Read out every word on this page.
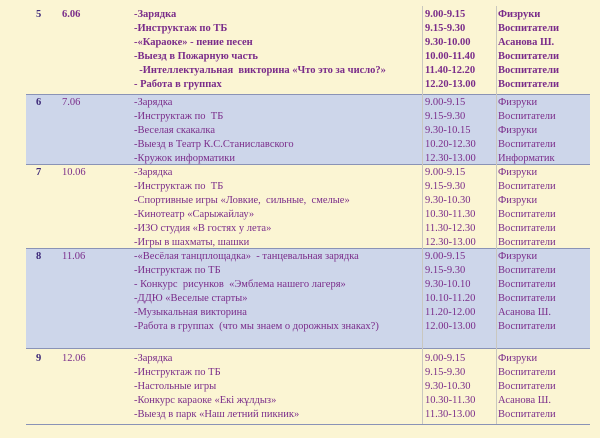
9	12.06	-Зарядка	9.00-9.15	Физруки
-Инструктаж по ТБ	9.15-9.30	Воспитатели
-Настольные игры	9.30-10.30	Воспитатели
-Конкурс караоке «Екі жұлдыз»	10.30-11.30	Асанова Ш.
-Выезд в парк «Наш летний пикник»	11.30-13.00	Воспитатели
8	11.06	-«Весёлая танцплощадка»  - танцевальная зарядка	9.00-9.15	Физруки
-Инструктаж по ТБ	9.15-9.30	Воспитатели
- Конкурс  рисунков  «Эмблема нашего лагеря»	9.30-10.10	Воспитатели
-ДДЮ «Веселые старты»	10.10-11.20	Воспитатели
-Музыкальная викторина	11.20-12.00	Асанова Ш.
-Работа в группах  (что мы знаем о дорожных знаках?)	12.00-13.00	Воспитатели
7	10.06	-Зарядка	9.00-9.15	Физруки
-Инструктаж по  ТБ	9.15-9.30	Воспитатели
-Спортивные игры «Ловкие,  сильные,  смелые»	9.30-10.30	Физруки
-Кинотеатр «Сарыжайлау»	10.30-11.30	Воспитатели
-ИЗО студия «В гостях у лета»	11.30-12.30	Воспитатели
-Игры в шахматы, шашки	12.30-13.00	Воспитатели
6	7.06	-Зарядка	9.00-9.15	Физруки
-Инструктаж по  ТБ	9.15-9.30	Воспитатели
-Веселая скакалка	9.30-10.15	Физруки
-Выезд в Театр К.С.Станиславского	10.20-12.30	Воспитатели
-Кружок информатики	12.30-13.00	Информатик
5	6.06	-Зарядка	9.00-9.15	Физруки
-Инструктаж по ТБ	9.15-9.30	Воспитатели
-«Караоке» - пение песен	9.30-10.00	Асанова Ш.
-Выезд в Пожарную часть	10.00-11.40	Воспитатели
-Интеллектуальная  викторина «Что это за число?»	11.40-12.20	Воспитатели
- Работа в группах	12.20-13.00	Воспитатели
